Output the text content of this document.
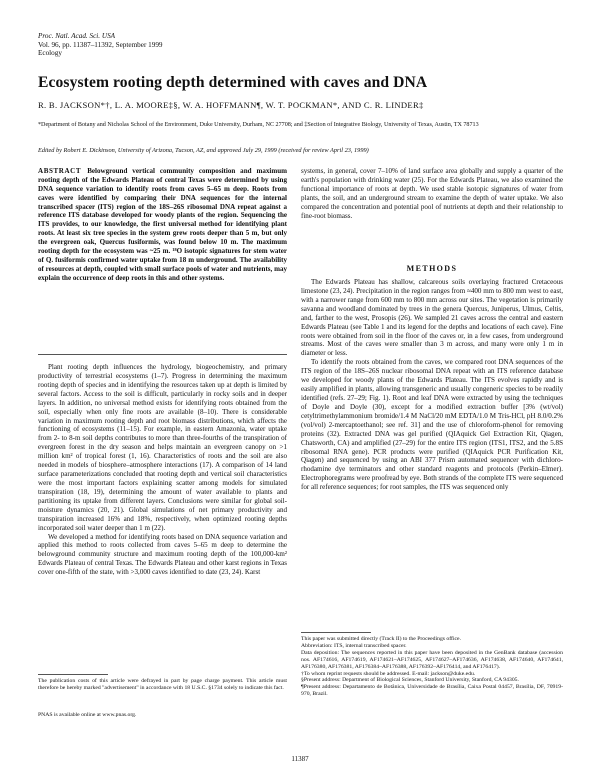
Proc. Natl. Acad. Sci. USA
Vol. 96, pp. 11387–11392, September 1999
Ecology
Ecosystem rooting depth determined with caves and DNA
R. B. JACKSON*†, L. A. MOORE‡§, W. A. HOFFMANN¶, W. T. POCKMAN*, AND C. R. LINDER‡
*Department of Botany and Nicholas School of the Environment, Duke University, Durham, NC 27708; and ‡Section of Integrative Biology, University of Texas, Austin, TX 78713
Edited by Robert E. Dickinson, University of Arizona, Tucson, AZ, and approved July 29, 1999 (received for review April 23, 1999)
ABSTRACT Belowground vertical community composition and maximum rooting depth of the Edwards Plateau of central Texas were determined by using DNA sequence variation to identify roots from caves 5–65 m deep. Roots from caves were identified by comparing their DNA sequences for the internal transcribed spacer (ITS) region of the 18S–26S ribosomal DNA repeat against a reference ITS database developed for woody plants of the region. Sequencing the ITS provides, to our knowledge, the first universal method for identifying plant roots. At least six tree species in the system grew roots deeper than 5 m, but only the evergreen oak, Quercus fusiformis, was found below 10 m. The maximum rooting depth for the ecosystem was ~25 m. ¹⁸O isotopic signatures for stem water of Q. fusiformis confirmed water uptake from 18 m underground. The availability of resources at depth, coupled with small surface pools of water and nutrients, may explain the occurrence of deep roots in this and other systems.

Plant rooting depth influences the hydrology, biogeochemistry, and primary productivity of terrestrial ecosystems (1–7). Progress in determining the maximum rooting depth of species and in identifying the resources taken up at depth is limited by several factors. Access to the soil is difficult, particularly in rocky soils and in deeper layers. In addition, no universal method exists for identifying roots obtained from the soil, especially when only fine roots are available (8–10). There is considerable variation in maximum rooting depth and root biomass distributions, which affects the functioning of ecosystems (11–15). For example, in eastern Amazonia, water uptake from 2- to 8-m soil depths contributes to more than three-fourths of the transpiration of evergreen forest in the dry season and helps maintain an evergreen canopy on >1 million km² of tropical forest (1, 16). Characteristics of roots and the soil are also needed in models of biosphere–atmosphere interactions (17). A comparison of 14 land surface parameterizations concluded that rooting depth and vertical soil characteristics were the most important factors explaining scatter among models for simulated transpiration (18, 19), determining the amount of water available to plants and partitioning its uptake from different layers. Conclusions were similar for global soil-moisture dynamics (20, 21). Global simulations of net primary productivity and transpiration increased 16% and 18%, respectively, when optimized rooting depths incorporated soil water deeper than 1 m (22).

We developed a method for identifying roots based on DNA sequence variation and applied this method to roots collected from caves 5–65 m deep to determine the belowground community structure and maximum rooting depth of the 100,000-km² Edwards Plateau of central Texas. The Edwards Plateau and other karst regions in Texas cover one-fifth of the state, with >3,000 caves identified to date (23, 24). Karst

systems, in general, cover 7–10% of land surface area globally and supply a quarter of the earth's population with drinking water (25). For the Edwards Plateau, we also examined the functional importance of roots at depth. We used stable isotopic signatures of water from plants, the soil, and an underground stream to examine the depth of water uptake. We also compared the concentration and potential pool of nutrients at depth and their relationship to fine-root biomass.

METHODS

The Edwards Plateau has shallow, calcareous soils overlaying fractured Cretaceous limestone (23, 24). Precipitation in the region ranges from ≈400 mm to 800 mm west to east, with a narrower range from 600 mm to 800 mm across our sites. The vegetation is primarily savanna and woodland dominated by trees in the genera Quercus, Juniperus, Ulmus, Celtis, and, farther to the west, Prosopis (26). We sampled 21 caves across the central and eastern Edwards Plateau (see Table 1 and its legend for the depths and locations of each cave). Fine roots were obtained from soil in the floor of the caves or, in a few cases, from underground streams. Most of the caves were smaller than 3 m across, and many were only 1 m in diameter or less.

To identify the roots obtained from the caves, we compared root DNA sequences of the ITS region of the 18S–26S nuclear ribosomal DNA repeat with an ITS reference database we developed for woody plants of the Edwards Plateau. The ITS evolves rapidly and is easily amplified in plants, allowing transgeneric and usually congeneric species to be readily identified (refs. 27–29; Fig. 1). Root and leaf DNA were extracted by using the techniques of Doyle and Doyle (30), except for a modified extraction buffer [3% (wt/vol) cetyltrimethylammonium bromide/1.4 M NaCl/20 mM EDTA/1.0 M Tris-HCl, pH 8.0/0.2% (vol/vol) 2-mercaptoethanol; see ref. 31] and the use of chloroform-phenol for removing proteins (32). Extracted DNA was gel purified (QIAquick Gel Extraction Kit, Qiagen, Chatsworth, CA) and amplified (27–29) for the entire ITS region (ITS1, ITS2, and the 5.8S ribosomal RNA gene). PCR products were purified (QIAquick PCR Purification Kit, Qiagen) and sequenced by using an ABI 377 Prism automated sequencer with dichloro-rhodamine dye terminators and other standard reagents and protocols (Perkin–Elmer). Electrophoregrams were proofread by eye. Both strands of the complete ITS were sequenced for all reference sequences; for root samples, the ITS was sequenced only

The publication costs of this article were defrayed in part by page charge payment. This article must therefore be hereby marked "advertisement" in accordance with 18 U.S.C. §1734 solely to indicate this fact.
PNAS is available online at www.pnas.org.

This paper was submitted directly (Track II) to the Proceedings office.

Abbreviation: ITS, internal transcribed spacer.

Data deposition: The sequences reported in this paper have been deposited in the GenBank database (accession nos. AF174616, AF174619, AF174621–AF174625, AF174627–AF174636, AF174638, AF174640, AF174641, AF176380, AF176381, AF176384–AF176388, AF176392–AF176414, and AF176417).

†To whom reprint requests should be addressed. E-mail: jackson@duke.edu.

§Present address: Department of Biological Sciences, Stanford University, Stanford, CA 94305.

¶Present address: Departamento de Botânica, Universidade de Brasília, Caixa Postal 04457, Brasília, DF, 70919-970, Brazil.

11387
